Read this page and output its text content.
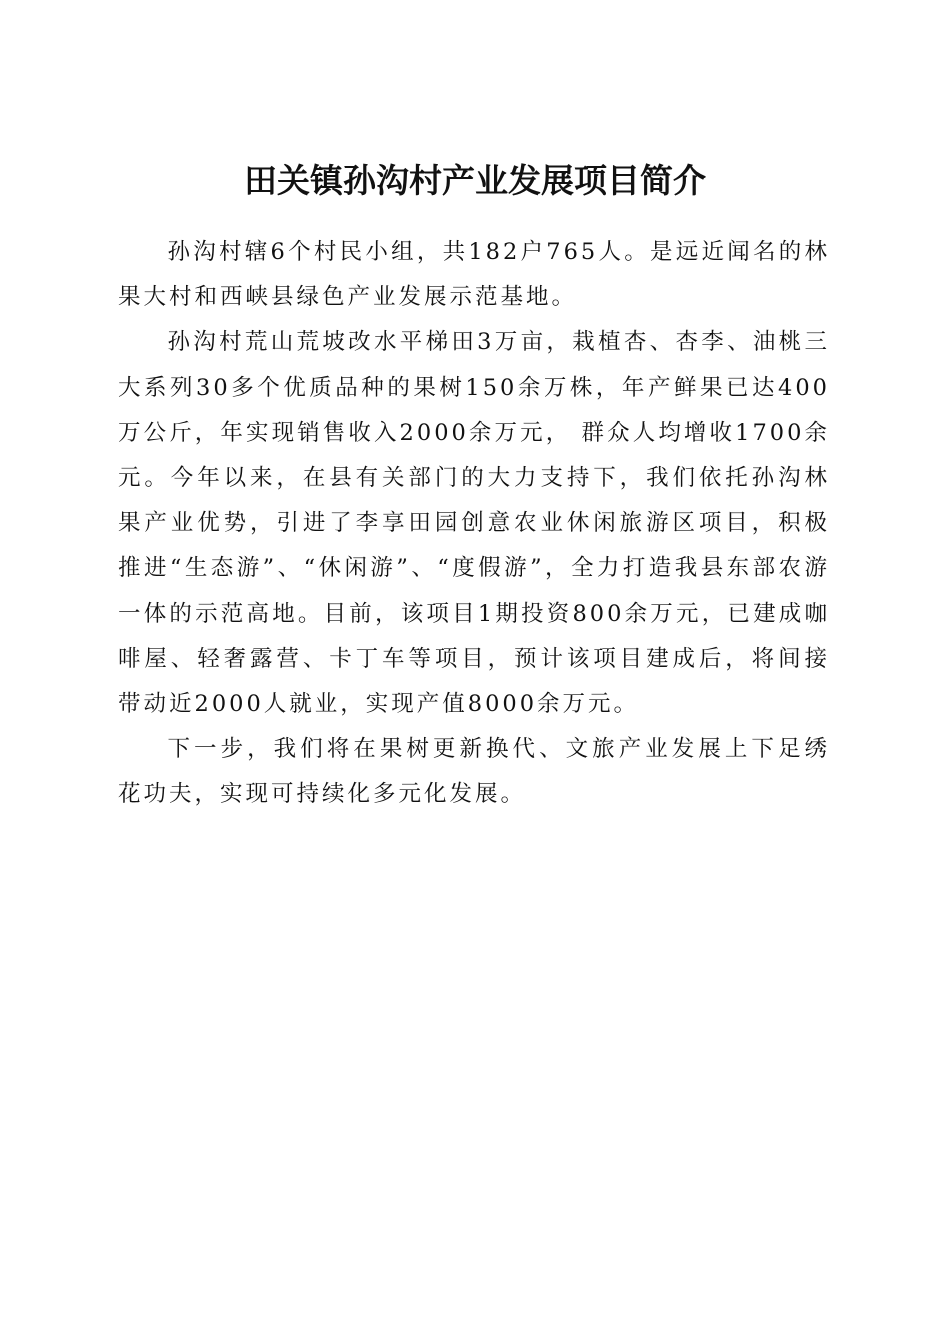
田关镇孙沟村产业发展项目简介

孙沟村辖6个村民小组，共182户765人。是远近闻名的林果大村和西峡县绿色产业发展示范基地。

孙沟村荒山荒坡改水平梯田3万亩，栽植杏、杏李、油桃三大系列30多个优质品种的果树150余万株，年产鲜果已达400万公斤，年实现销售收入2000余万元， 群众人均增收1700余元。今年以来，在县有关部门的大力支持下，我们依托孙沟林果产业优势，引进了李享田园创意农业休闲旅游区项目，积极推进“生态游”、“休闲游”、“度假游”，全力打造我县东部农游一体的示范高地。目前，该项目1期投资800余万元，已建成咖啡屋、轻奢露营、卡丁车等项目，预计该项目建成后，将间接带动近2000人就业，实现产值8000余万元。

下一步，我们将在果树更新换代、文旅产业发展上下足绣花功夫，实现可持续化多元化发展。
